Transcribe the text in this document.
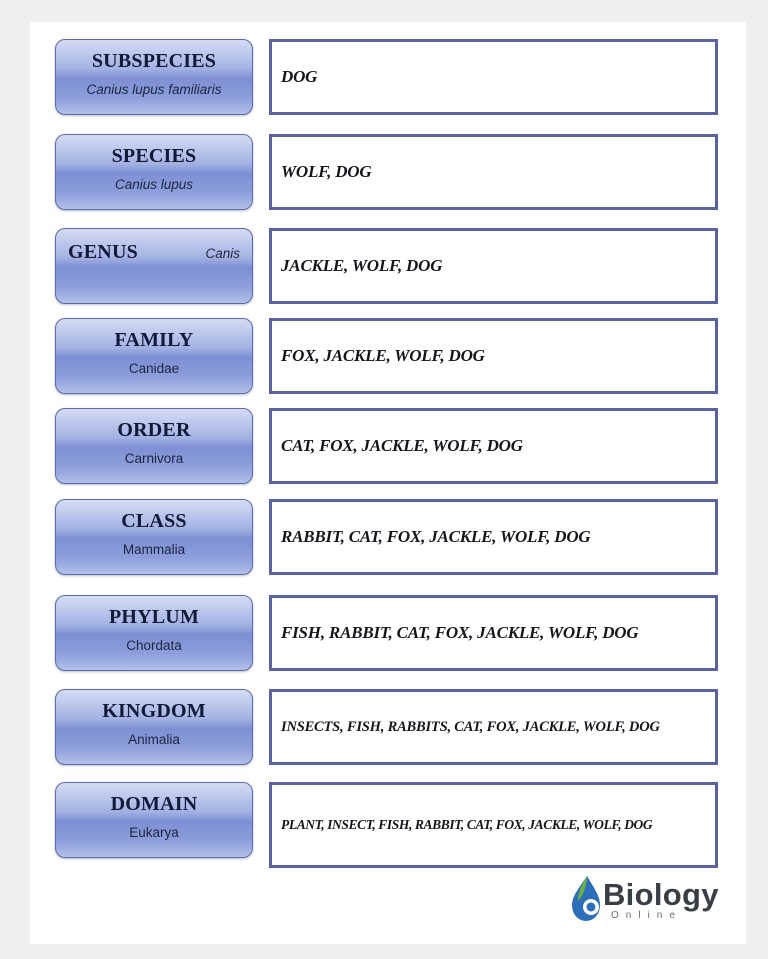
SUBSPECIES
Canius lupus familiaris
DOG
SPECIES
Canius lupus
WOLF, DOG
GENUS	Canis
JACKLE, WOLF, DOG
FAMILY
Canidae
FOX, JACKLE, WOLF, DOG
ORDER
Carnivora
CAT, FOX, JACKLE, WOLF, DOG
CLASS
Mammalia
RABBIT, CAT, FOX, JACKLE, WOLF, DOG
PHYLUM
Chordata
FISH, RABBIT, CAT, FOX, JACKLE, WOLF, DOG
KINGDOM
Animalia
INSECTS, FISH, RABBITS, CAT, FOX, JACKLE, WOLF, DOG
DOMAIN
Eukarya
PLANT, INSECT, FISH, RABBIT, CAT, FOX, JACKLE, WOLF, DOG
Biology
Online
